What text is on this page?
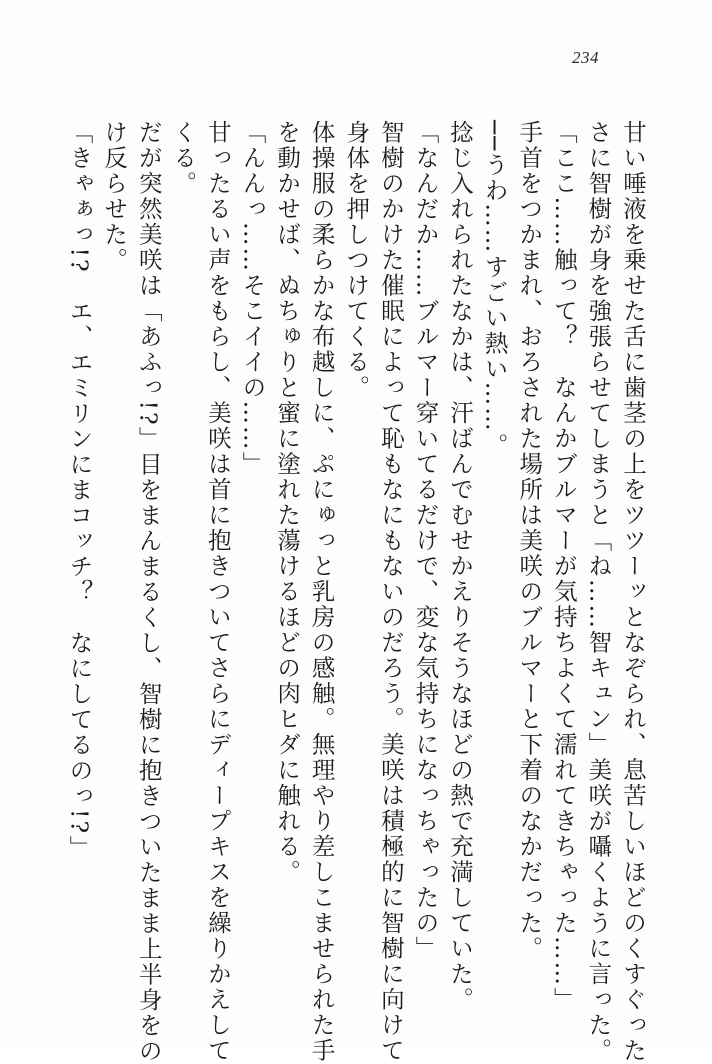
234
甘い唾液を乗せた舌に歯茎の上をツツーッとなぞられ、息苦しいほどのくすぐった
さに智樹が身を強張らせてしまうと「ね……智キュン」美咲が囁くように言った。
「ここ……触って？　なんかブルマーが気持ちよくて濡れてきちゃった……」
手首をつかまれ、おろされた場所は美咲のブルマーと下着のなかだった。
──うわ……すごい熱い……。
捻じ入れられたなかは、汗ばんでむせかえりそうなほどの熱で充満していた。
「なんだか……ブルマー穿いてるだけで、変な気持ちになっちゃったの」
智樹のかけた催眠によって恥もなにもないのだろう。美咲は積極的に智樹に向けて
身体を押しつけてくる。
体操服の柔らかな布越しに、ぷにゅっと乳房の感触。無理やり差しこませられた手
を動かせば、ぬちゅりと蜜に塗れた蕩けるほどの肉ヒダに触れる。
「んんっ……そこイイの……」
甘ったるい声をもらし、美咲は首に抱きついてさらにディープキスを繰りかえして
くる。
だが突然美咲は「あふっ!?」目をまんまるくし、智樹に抱きついたまま上半身をの
け反らせた。
「きゃぁっ!?　エ、エミリンにまコッチ？　なにしてるのっ!?」
